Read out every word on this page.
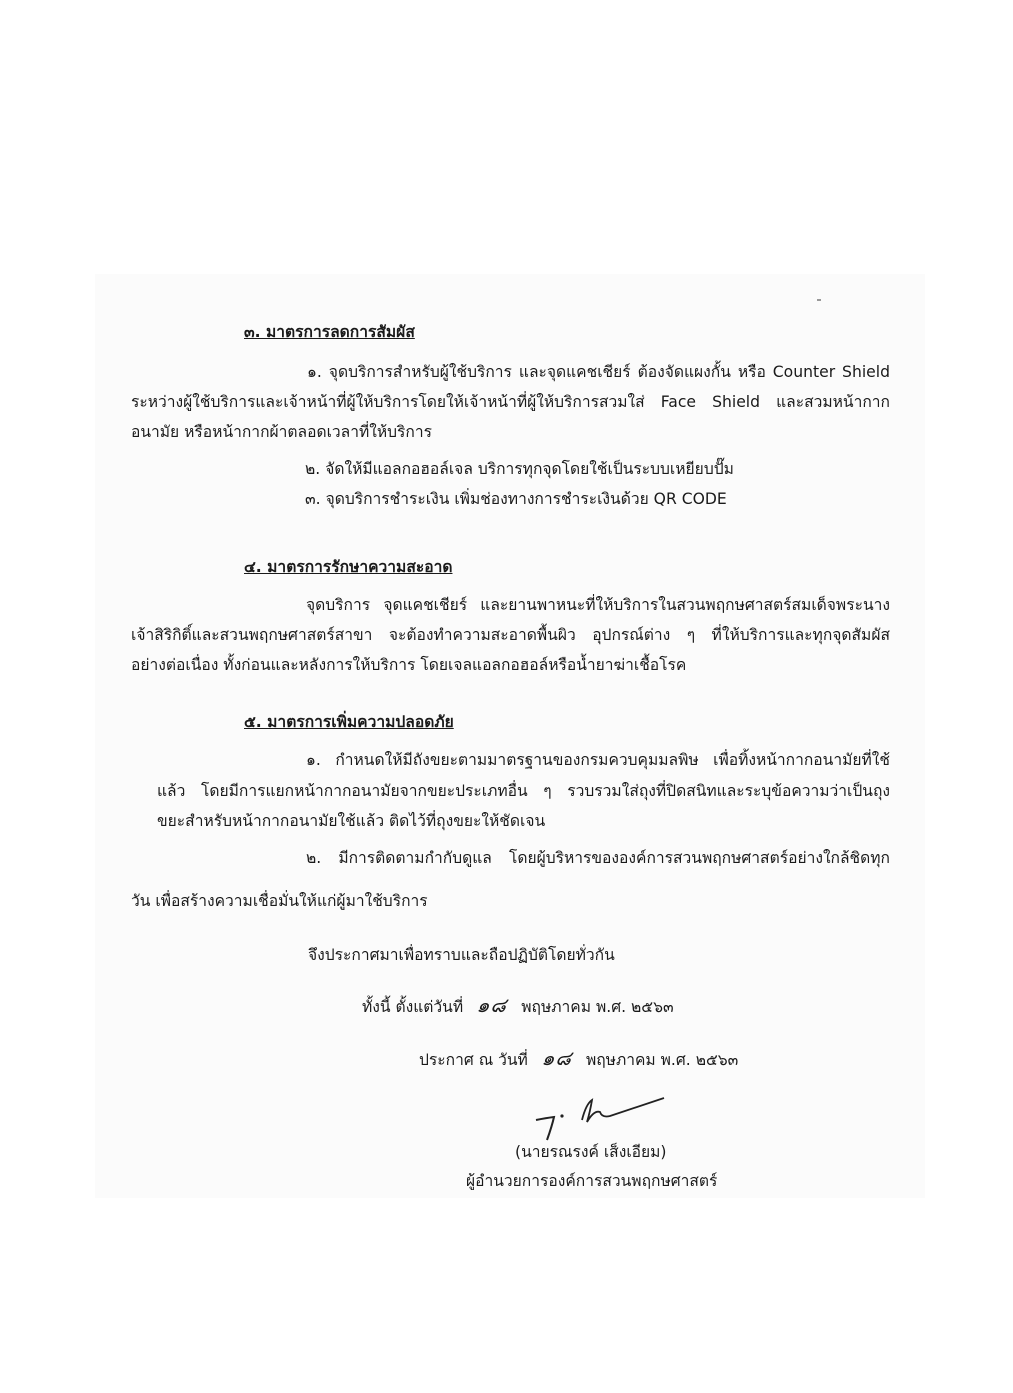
๓. มาตรการลดการสัมผัส
๑. จุดบริการสำหรับผู้ใช้บริการ และจุดแคชเชียร์ ต้องจัดแผงกั้น หรือ Counter Shield
ระหว่างผู้ใช้บริการและเจ้าหน้าที่ผู้ให้บริการโดยให้เจ้าหน้าที่ผู้ให้บริการสวมใส่ Face Shield และสวมหน้ากาก
อนามัย หรือหน้ากากผ้าตลอดเวลาที่ให้บริการ
๒. จัดให้มีแอลกอฮอล์เจล บริการทุกจุดโดยใช้เป็นระบบเหยียบปั๊ม
๓. จุดบริการชำระเงิน เพิ่มช่องทางการชำระเงินด้วย QR CODE
๔. มาตรการรักษาความสะอาด
จุดบริการ จุดแคชเชียร์ และยานพาหนะที่ให้บริการในสวนพฤกษศาสตร์สมเด็จพระนาง
เจ้าสิริกิติ์และสวนพฤกษศาสตร์สาขา จะต้องทำความสะอาดพื้นผิว อุปกรณ์ต่าง ๆ ที่ให้บริการและทุกจุดสัมผัส
อย่างต่อเนื่อง ทั้งก่อนและหลังการให้บริการ โดยเจลแอลกอฮอล์หรือน้ำยาฆ่าเชื้อโรค
๕. มาตรการเพิ่มความปลอดภัย
๑. กำหนดให้มีถังขยะตามมาตรฐานของกรมควบคุมมลพิษ เพื่อทิ้งหน้ากากอนามัยที่ใช้
แล้ว โดยมีการแยกหน้ากากอนามัยจากขยะประเภทอื่น ๆ รวบรวมใส่ถุงที่ปิดสนิทและระบุข้อความว่าเป็นถุง
ขยะสำหรับหน้ากากอนามัยใช้แล้ว ติดไว้ที่ถุงขยะให้ชัดเจน
๒. มีการติดตามกำกับดูแล โดยผู้บริหารขององค์การสวนพฤกษศาสตร์อย่างใกล้ชิดทุก
วัน เพื่อสร้างความเชื่อมั่นให้แก่ผู้มาใช้บริการ
จึงประกาศมาเพื่อทราบและถือปฏิบัติโดยทั่วกัน
ทั้งนี้ ตั้งแต่วันที่ ๑๘ พฤษภาคม พ.ศ. ๒๕๖๓
ประกาศ ณ วันที่ ๑๘ พฤษภาคม พ.ศ. ๒๕๖๓
(นายรณรงค์ เส็งเอียม)
ผู้อำนวยการองค์การสวนพฤกษศาสตร์
